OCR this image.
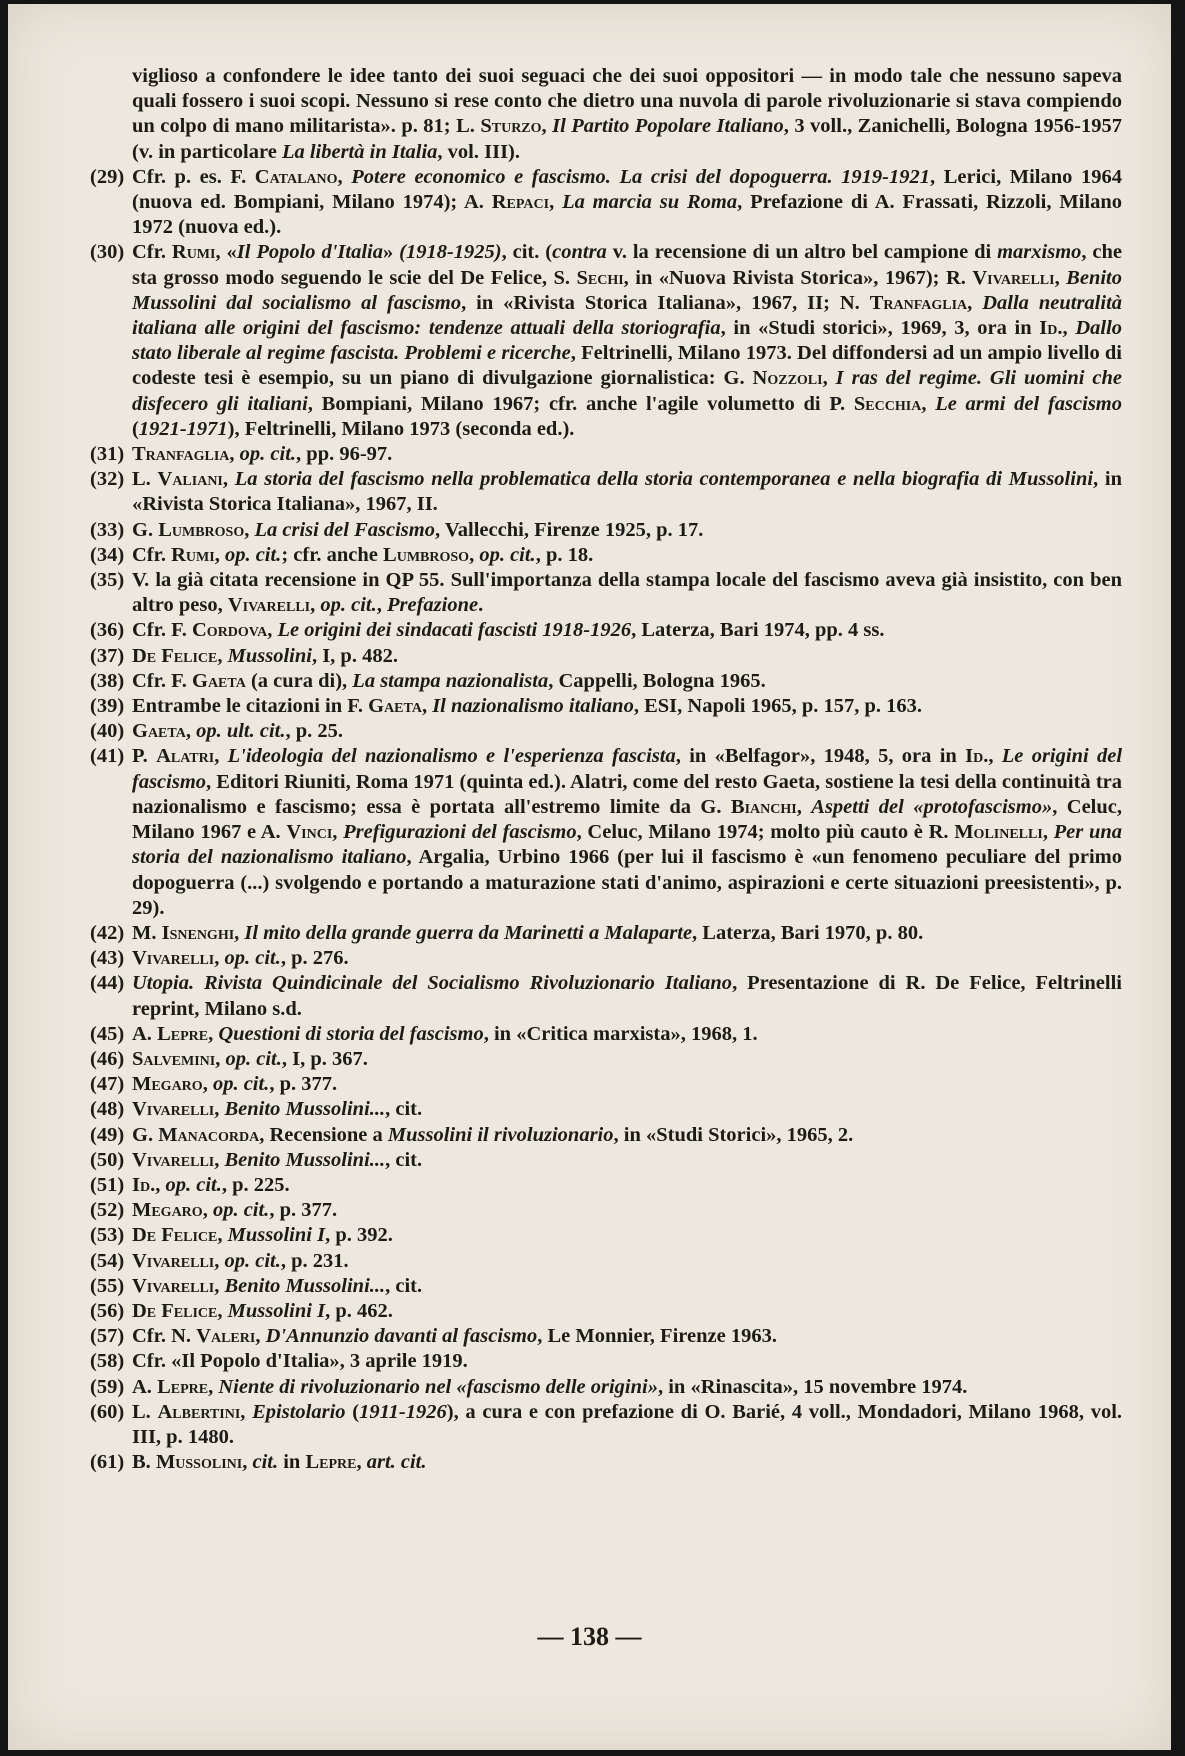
viglioso a confondere le idee tanto dei suoi seguaci che dei suoi oppositori — in modo tale che nessuno sapeva quali fossero i suoi scopi. Nessuno si rese conto che dietro una nuvola di parole rivoluzionarie si stava compiendo un colpo di mano militarista». p. 81; L. Sturzo, Il Partito Popolare Italiano, 3 voll., Zanichelli, Bologna 1956-1957 (v. in particolare La libertà in Italia, vol. III).
(29) Cfr. p. es. F. Catalano, Potere economico e fascismo. La crisi del dopoguerra. 1919-1921, Lerici, Milano 1964 (nuova ed. Bompiani, Milano 1974); A. Repaci, La marcia su Roma, Prefazione di A. Frassati, Rizzoli, Milano 1972 (nuova ed.).
(30) Cfr. Rumi, «Il Popolo d'Italia» (1918-1925), cit. (contra v. la recensione di un altro bel campione di marxismo, che sta grosso modo seguendo le scie del De Felice, S. Sechi, in «Nuova Rivista Storica», 1967); R. Vivarelli, Benito Mussolini dal socialismo al fascismo, in «Rivista Storica Italiana», 1967, II; N. Tranfaglia, Dalla neutralità italiana alle origini del fascismo: tendenze attuali della storiografia, in «Studi storici», 1969, 3, ora in Id., Dallo stato liberale al regime fascista. Problemi e ricerche, Feltrinelli, Milano 1973. Del diffondersi ad un ampio livello di codeste tesi è esempio, su un piano di divulgazione giornalistica: G. Nozzoli, I ras del regime. Gli uomini che disfecero gli italiani, Bompiani, Milano 1967; cfr. anche l'agile volumetto di P. Secchia, Le armi del fascismo (1921-1971), Feltrinelli, Milano 1973 (seconda ed.).
(31) Tranfaglia, op. cit., pp. 96-97.
(32) L. Valiani, La storia del fascismo nella problematica della storia contemporanea e nella biografia di Mussolini, in «Rivista Storica Italiana», 1967, II.
(33) G. Lumbroso, La crisi del Fascismo, Vallecchi, Firenze 1925, p. 17.
(34) Cfr. Rumi, op. cit.; cfr. anche Lumbroso, op. cit., p. 18.
(35) V. la già citata recensione in QP 55. Sull'importanza della stampa locale del fascismo aveva già insistito, con ben altro peso, Vivarelli, op. cit., Prefazione.
(36) Cfr. F. Cordova, Le origini dei sindacati fascisti 1918-1926, Laterza, Bari 1974, pp. 4 ss.
(37) De Felice, Mussolini, I, p. 482.
(38) Cfr. F. Gaeta (a cura di), La stampa nazionalista, Cappelli, Bologna 1965.
(39) Entrambe le citazioni in F. Gaeta, Il nazionalismo italiano, ESI, Napoli 1965, p. 157, p. 163.
(40) Gaeta, op. ult. cit., p. 25.
(41) P. Alatri, L'ideologia del nazionalismo e l'esperienza fascista, in «Belfagor», 1948, 5, ora in Id., Le origini del fascismo, Editori Riuniti, Roma 1971 (quinta ed.). Alatri, come del resto Gaeta, sostiene la tesi della continuità tra nazionalismo e fascismo; essa è portata all'estremo limite da G. Bianchi, Aspetti del «protofascismo», Celuc, Milano 1967 e A. Vinci, Prefigurazioni del fascismo, Celuc, Milano 1974; molto più cauto è R. Molinelli, Per una storia del nazionalismo italiano, Argalia, Urbino 1966 (per lui il fascismo è «un fenomeno peculiare del primo dopoguerra (...) svolgendo e portando a maturazione stati d'animo, aspirazioni e certe situazioni preesistenti», p. 29).
(42) M. Isnenghi, Il mito della grande guerra da Marinetti a Malaparte, Laterza, Bari 1970, p. 80.
(43) Vivarelli, op. cit., p. 276.
(44) Utopia. Rivista Quindicinale del Socialismo Rivoluzionario Italiano, Presentazione di R. De Felice, Feltrinelli reprint, Milano s.d.
(45) A. Lepre, Questioni di storia del fascismo, in «Critica marxista», 1968, 1.
(46) Salvemini, op. cit., I, p. 367.
(47) Megaro, op. cit., p. 377.
(48) Vivarelli, Benito Mussolini..., cit.
(49) G. Manacorda, Recensione a Mussolini il rivoluzionario, in «Studi Storici», 1965, 2.
(50) Vivarelli, Benito Mussolini..., cit.
(51) Id., op. cit., p. 225.
(52) Megaro, op. cit., p. 377.
(53) De Felice, Mussolini I, p. 392.
(54) Vivarelli, op. cit., p. 231.
(55) Vivarelli, Benito Mussolini..., cit.
(56) De Felice, Mussolini I, p. 462.
(57) Cfr. N. Valeri, D'Annunzio davanti al fascismo, Le Monnier, Firenze 1963.
(58) Cfr. «Il Popolo d'Italia», 3 aprile 1919.
(59) A. Lepre, Niente di rivoluzionario nel «fascismo delle origini», in «Rinascita», 15 novembre 1974.
(60) L. Albertini, Epistolario (1911-1926), a cura e con prefazione di O. Barié, 4 voll., Mondadori, Milano 1968, vol. III, p. 1480.
(61) B. Mussolini, cit. in Lepre, art. cit.
— 138 —
